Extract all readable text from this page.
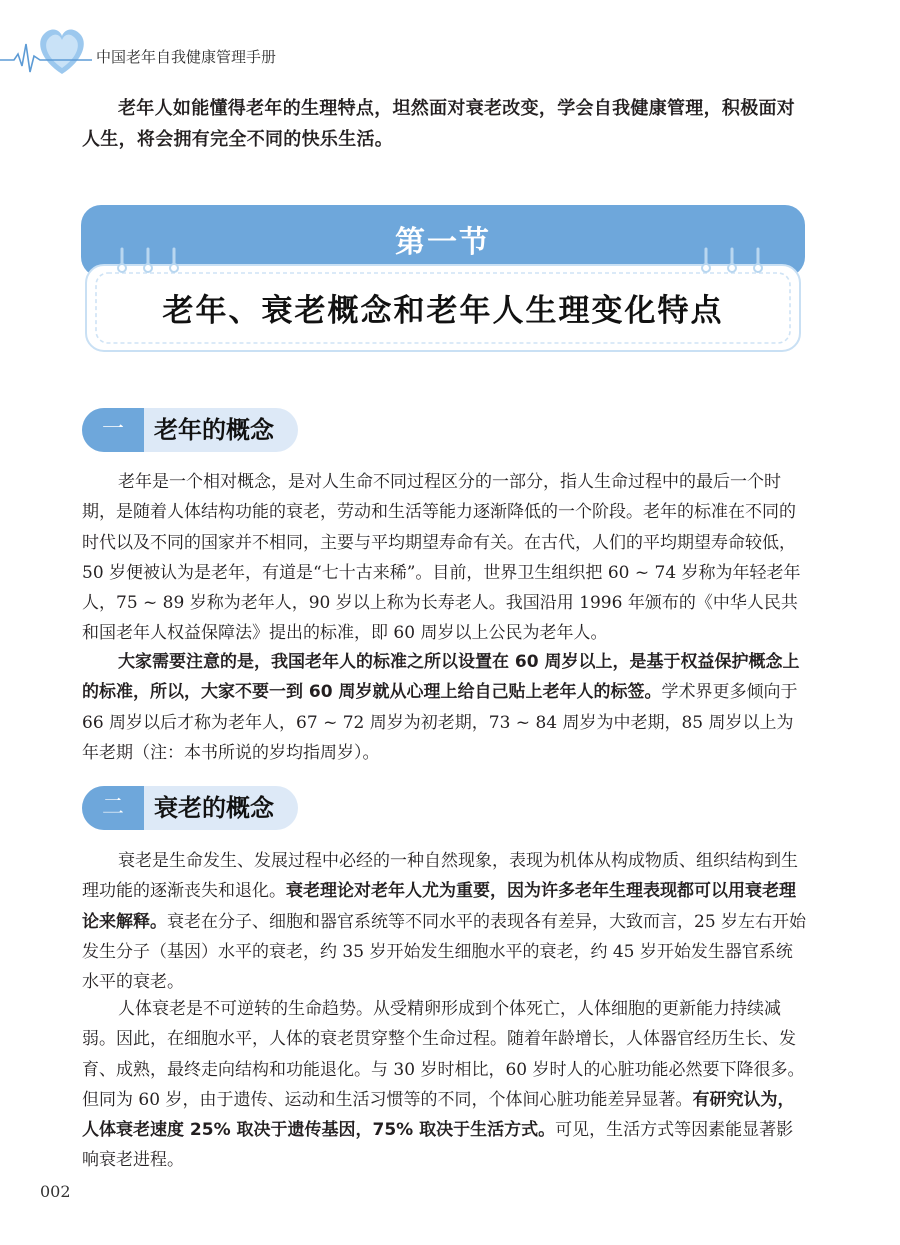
中国老年自我健康管理手册

老年人如能懂得老年的生理特点，坦然面对衰老改变，学会自我健康管理，积极面对人生，将会拥有完全不同的快乐生活。

第一节
老年、衰老概念和老年人生理变化特点
一	老年的概念

老年是一个相对概念，是对人生命不同过程区分的一部分，指人生命过程中的最后一个时期，是随着人体结构功能的衰老，劳动和生活等能力逐渐降低的一个阶段。老年的标准在不同的时代以及不同的国家并不相同，主要与平均期望寿命有关。在古代，人们的平均期望寿命较低，50 岁便被认为是老年，有道是“七十古来稀”。目前，世界卫生组织把 60 ~ 74 岁称为年轻老年人，75 ~ 89 岁称为老年人，90 岁以上称为长寿老人。我国沿用 1996 年颁布的《中华人民共和国老年人权益保障法》提出的标准，即 60 周岁以上公民为老年人。

大家需要注意的是，我国老年人的标准之所以设置在 60 周岁以上，是基于权益保护概念上的标准，所以，大家不要一到 60 周岁就从心理上给自己贴上老年人的标签。学术界更多倾向于 66 周岁以后才称为老年人，67 ~ 72 周岁为初老期，73 ~ 84 周岁为中老期，85 周岁以上为年老期（注：本书所说的岁均指周岁）。

二	衰老的概念

衰老是生命发生、发展过程中必经的一种自然现象，表现为机体从构成物质、组织结构到生理功能的逐渐丧失和退化。衰老理论对老年人尤为重要，因为许多老年生理表现都可以用衰老理论来解释。衰老在分子、细胞和器官系统等不同水平的表现各有差异，大致而言，25 岁左右开始发生分子（基因）水平的衰老，约 35 岁开始发生细胞水平的衰老，约 45 岁开始发生器官系统水平的衰老。

人体衰老是不可逆转的生命趋势。从受精卵形成到个体死亡，人体细胞的更新能力持续减弱。因此，在细胞水平，人体的衰老贯穿整个生命过程。随着年龄增长，人体器官经历生长、发育、成熟，最终走向结构和功能退化。与 30 岁时相比，60 岁时人的心脏功能必然要下降很多。但同为 60 岁，由于遗传、运动和生活习惯等的不同，个体间心脏功能差异显著。有研究认为，人体衰老速度 25% 取决于遗传基因，75% 取决于生活方式。可见，生活方式等因素能显著影响衰老进程。

002
